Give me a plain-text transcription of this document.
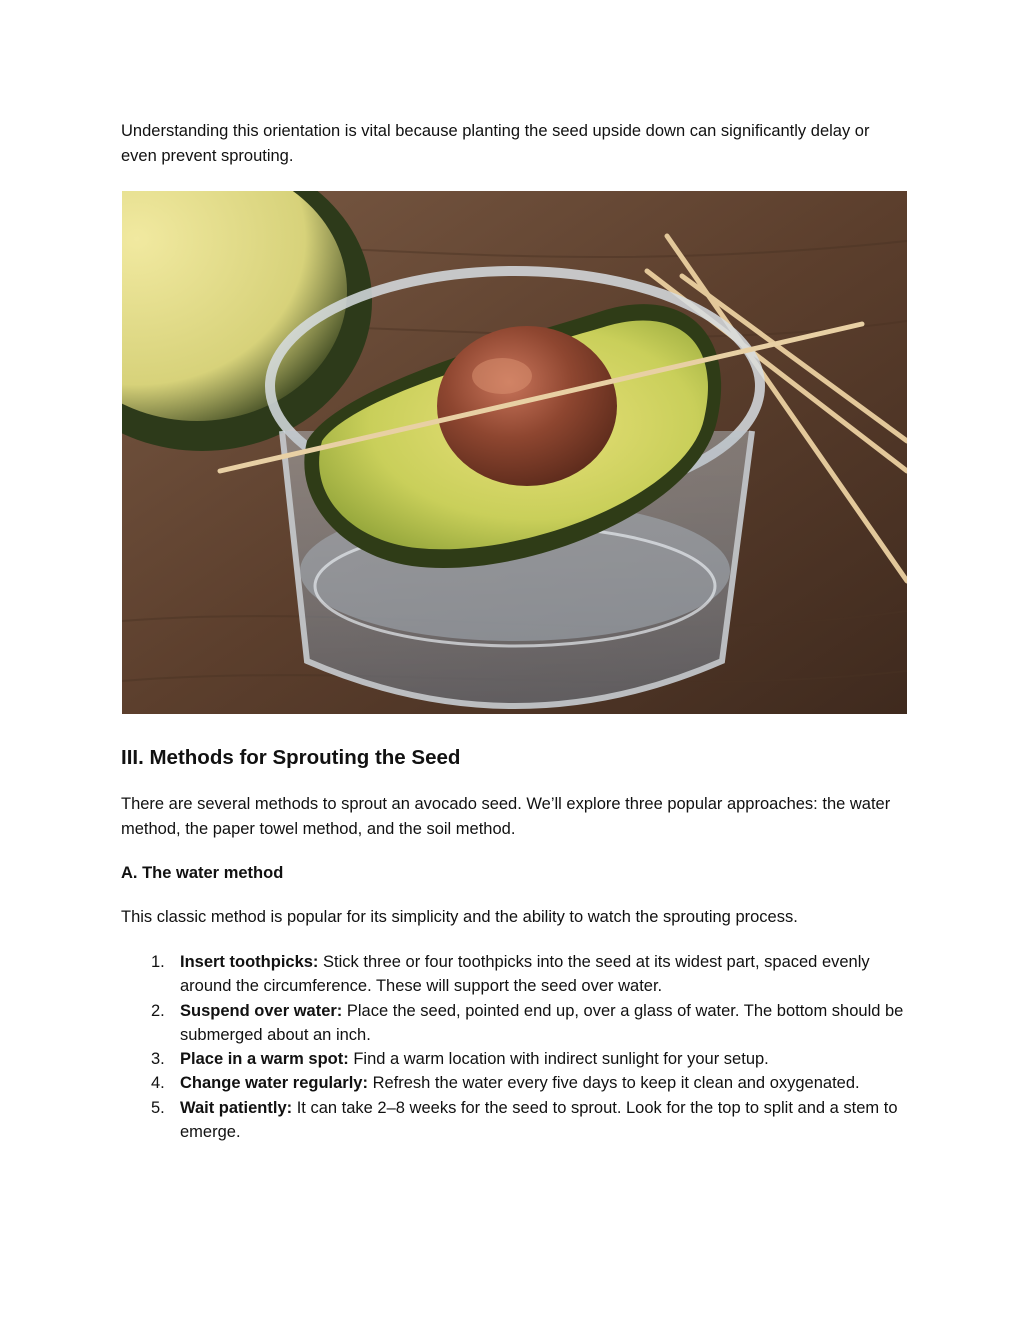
Understanding this orientation is vital because planting the seed upside down can significantly delay or even prevent sprouting.

III. Methods for Sprouting the Seed

There are several methods to sprout an avocado seed. We’ll explore three popular approaches: the water method, the paper towel method, and the soil method.

A. The water method

This classic method is popular for its simplicity and the ability to watch the sprouting process.

1. Insert toothpicks: Stick three or four toothpicks into the seed at its widest part, spaced evenly around the circumference. These will support the seed over water.
2. Suspend over water: Place the seed, pointed end up, over a glass of water. The bottom should be submerged about an inch.
3. Place in a warm spot: Find a warm location with indirect sunlight for your setup.
4. Change water regularly: Refresh the water every five days to keep it clean and oxygenated.
5. Wait patiently: It can take 2–8 weeks for the seed to sprout. Look for the top to split and a stem to emerge.
